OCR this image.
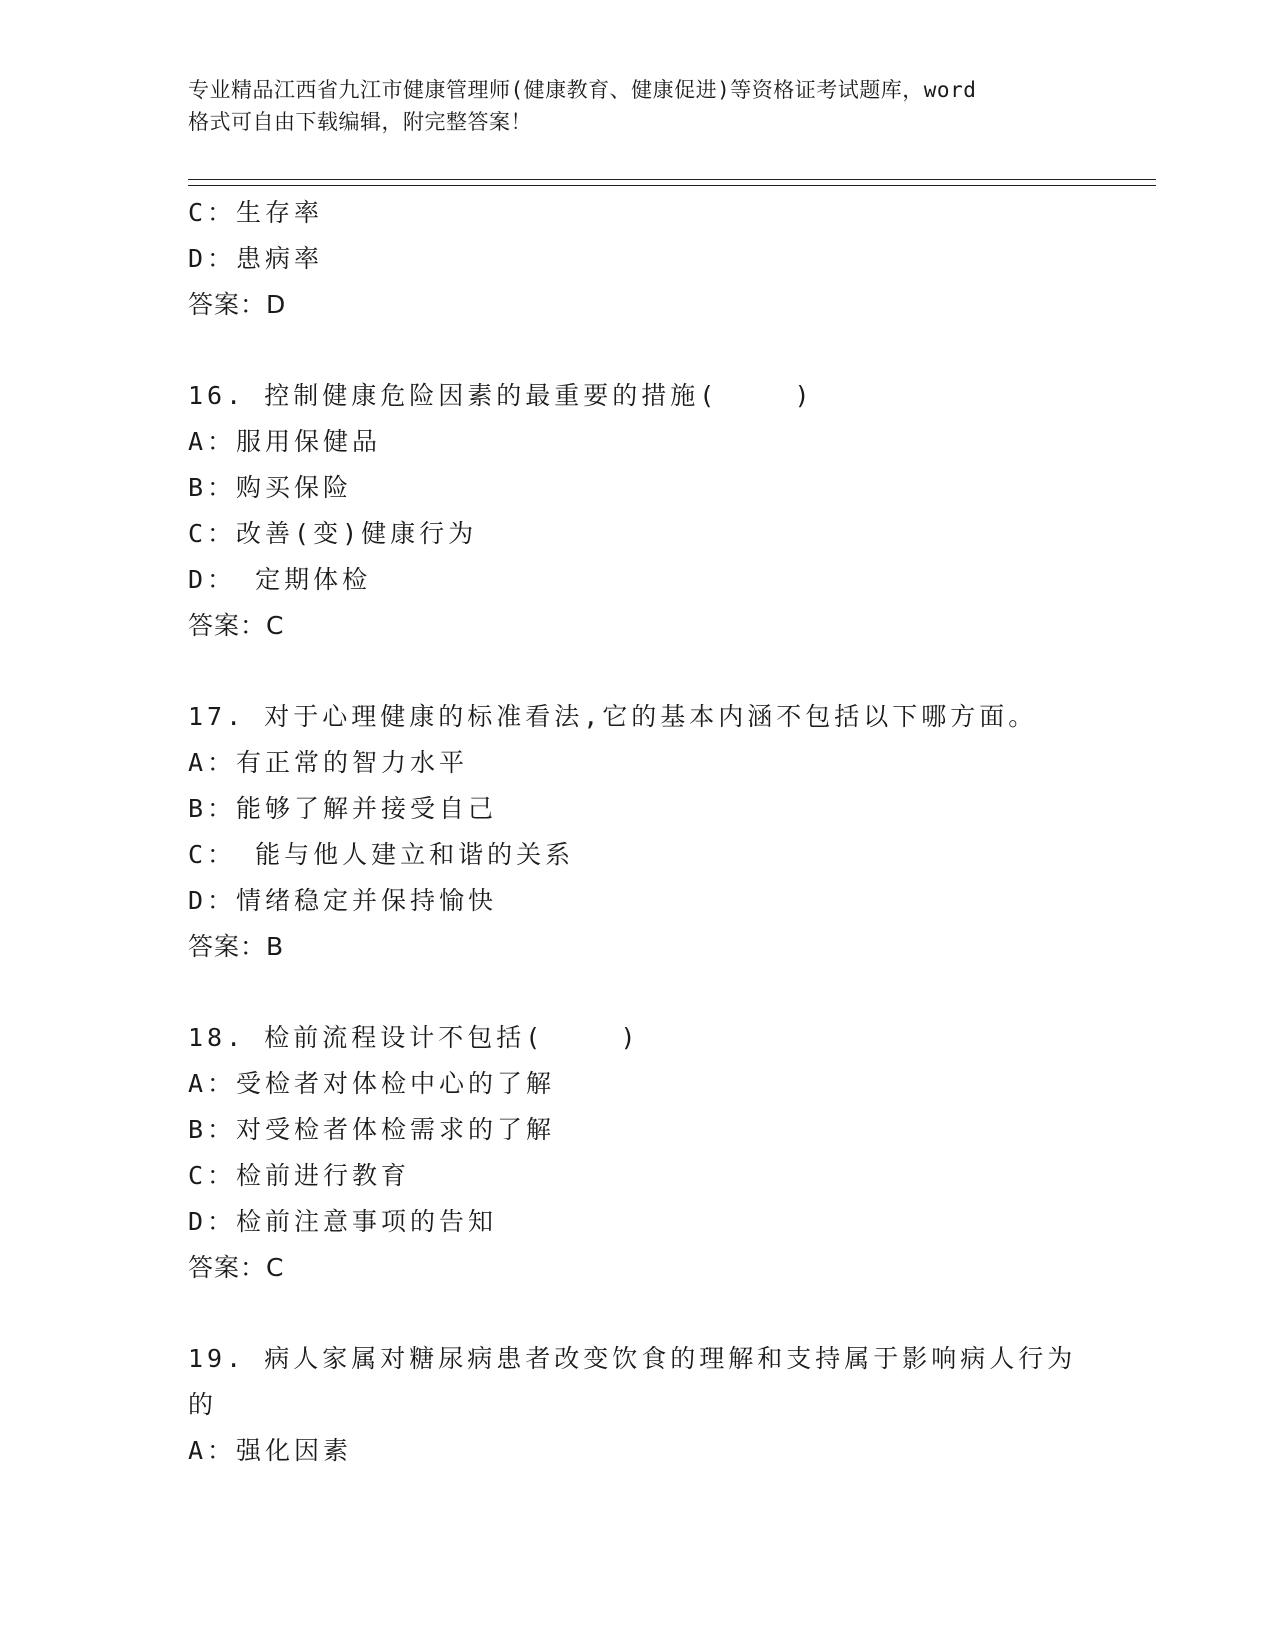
专业精品江西省九江市健康管理师(健康教育、健康促进)等资格证考试题库，word
格式可自由下载编辑，附完整答案！
C：生存率
D：患病率
答案：D
16. 控制健康危险因素的最重要的措施(    )
A：服用保健品
B：购买保险
C：改善(变)健康行为
D： 定期体检
答案：C
17. 对于心理健康的标准看法,它的基本内涵不包括以下哪方面。
A：有正常的智力水平
B：能够了解并接受自己
C： 能与他人建立和谐的关系
D：情绪稳定并保持愉快
答案：B
18. 检前流程设计不包括(    )
A：受检者对体检中心的了解
B：对受检者体检需求的了解
C：检前进行教育
D：检前注意事项的告知
答案：C
19. 病人家属对糖尿病患者改变饮食的理解和支持属于影响病人行为
的
A：强化因素
